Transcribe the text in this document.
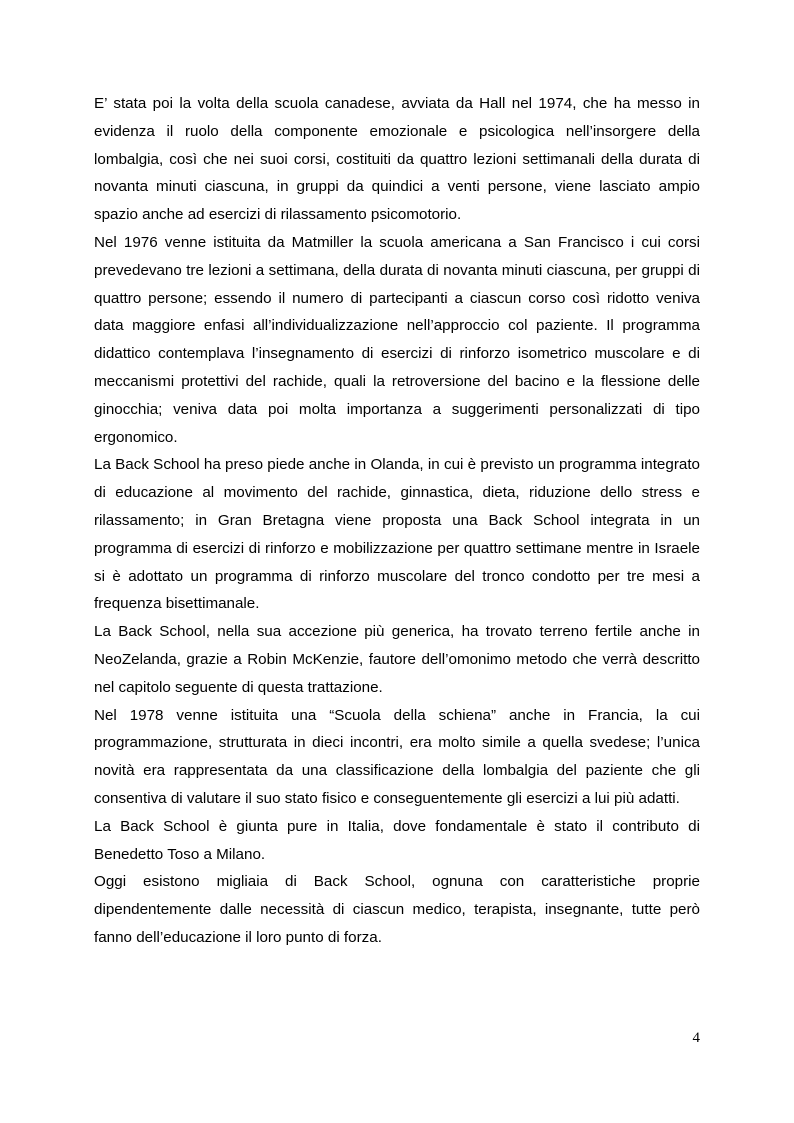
E’ stata poi la volta della scuola canadese, avviata da Hall nel 1974, che ha messo in evidenza il ruolo della componente emozionale e psicologica nell’insorgere della lombalgia, così che nei suoi corsi, costituiti da quattro lezioni settimanali della durata di novanta minuti ciascuna, in gruppi da quindici a venti persone, viene lasciato ampio spazio anche ad esercizi di rilassamento psicomotorio.

Nel 1976 venne istituita da Matmiller la scuola americana a San Francisco i cui corsi prevedevano tre lezioni a settimana, della durata di novanta minuti ciascuna, per gruppi di quattro persone; essendo il numero di partecipanti a ciascun corso così ridotto veniva data maggiore enfasi all’individualizzazione nell’approccio col paziente. Il programma didattico contemplava l’insegnamento di esercizi di rinforzo isometrico muscolare e di meccanismi protettivi del rachide, quali la retroversione del bacino e la flessione delle ginocchia; veniva data poi molta importanza a suggerimenti personalizzati di tipo ergonomico.

La Back School ha preso piede anche in Olanda, in cui è previsto un programma integrato di educazione al movimento del rachide, ginnastica, dieta, riduzione dello stress e rilassamento; in Gran Bretagna viene proposta una Back School integrata in un programma di esercizi di rinforzo e mobilizzazione per quattro settimane mentre in Israele si è adottato un programma di rinforzo muscolare del tronco condotto per tre mesi a frequenza bisettimanale.

La Back School, nella sua accezione più generica, ha trovato terreno fertile anche in NeoZelanda, grazie a Robin McKenzie, fautore dell’omonimo metodo che verrà descritto nel capitolo seguente di questa trattazione.

Nel 1978 venne istituita una “Scuola della schiena” anche in Francia, la cui programmazione, strutturata in dieci incontri, era molto simile a quella svedese; l’unica novità era rappresentata da una classificazione della lombalgia del paziente che gli consentiva di valutare il suo stato fisico e conseguentemente gli esercizi a lui più adatti.

La Back School è giunta pure in Italia, dove fondamentale è stato il contributo di Benedetto Toso a Milano.

Oggi esistono migliaia di Back School, ognuna con caratteristiche proprie dipendentemente dalle necessità di ciascun medico, terapista, insegnante, tutte però fanno dell’educazione il loro punto di forza.

4
